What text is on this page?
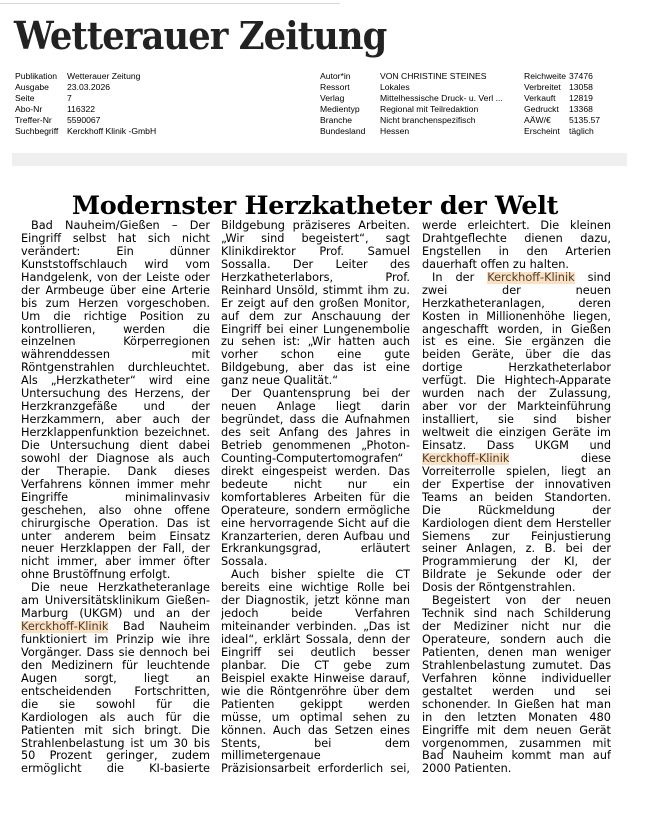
Wetterauer Zeitung
Publikation	Wetterauer Zeitung
Ausgabe	23.03.2026
Seite	7
Abo-Nr	116322
Treffer-Nr	5590067
Suchbegriff	Kerckhoff Klinik -GmbH
Autor*in	VON CHRISTINE STEINES
Ressort	Lokales
Verlag	Mittelhessische Druck- u. Verl ...
Medientyp	Regional mit Teilredaktion
Branche	Nicht branchenspezifisch
Bundesland	Hessen
Reichweite 37476
Verbreitet 13058
Verkauft	12819
Gedruckt	13368
AÄW/€	5135.57
Erscheint	täglich
Modernster Herzkatheter der Welt
Bad Nauheim/Gießen – Der
Eingriff selbst hat sich nicht
verändert: Ein dünner
Kunststoffschlauch wird vom
Handgelenk, von der Leiste oder
der Armbeuge über eine Arterie
bis zum Herzen vorgeschoben.
Um die richtige Position zu
kontrollieren, werden die
einzelnen Körperregionen
währenddessen mit
Röntgenstrahlen durchleuchtet.
Als „Herzkatheter“ wird eine
Untersuchung des Herzens, der
Herzkranzgefäße und der
Herzkammern, aber auch der
Herzklappenfunktion bezeichnet.
Die Untersuchung dient dabei
sowohl der Diagnose als auch
der Therapie. Dank dieses
Verfahrens können immer mehr
Eingriffe minimalinvasiv
geschehen, also ohne offene
chirurgische Operation. Das ist
unter anderem beim Einsatz
neuer Herzklappen der Fall, der
nicht immer, aber immer öfter
ohne Brustöffnung erfolgt.
Die neue Herzkatheteranlage
am Universitätsklinikum Gießen-
Marburg (UKGM) und an der
Kerckhoff-Klinik Bad Nauheim
funktioniert im Prinzip wie ihre
Vorgänger. Dass sie dennoch bei
den Medizinern für leuchtende
Augen sorgt, liegt an
entscheidenden Fortschritten,
die sie sowohl für die
Kardiologen als auch für die
Patienten mit sich bringt. Die
Strahlenbelastung ist um 30 bis
50 Prozent geringer, zudem
ermöglicht die KI-basierte
Bildgebung präziseres Arbeiten.
„Wir sind begeistert“, sagt
Klinikdirektor Prof. Samuel
Sossalla. Der Leiter des
Herzkatheterlabors, Prof.
Reinhard Unsöld, stimmt ihm zu.
Er zeigt auf den großen Monitor,
auf dem zur Anschauung der
Eingriff bei einer Lungenembolie
zu sehen ist: „Wir hatten auch
vorher schon eine gute
Bildgebung, aber das ist eine
ganz neue Qualität.“
Der Quantensprung bei der
neuen Anlage liegt darin
begründet, dass die Aufnahmen
des seit Anfang des Jahres in
Betrieb genommenen „Photon-
Counting-Computertomografen“
direkt eingespeist werden. Das
bedeute nicht nur ein
komfortableres Arbeiten für die
Operateure, sondern ermögliche
eine hervorragende Sicht auf die
Kranzarterien, deren Aufbau und
Erkrankungsgrad, erläutert
Sossala.
Auch bisher spielte die CT
bereits eine wichtige Rolle bei
der Diagnostik, jetzt könne man
jedoch beide Verfahren
miteinander verbinden. „Das ist
ideal“, erklärt Sossala, denn der
Eingriff sei deutlich besser
planbar. Die CT gebe zum
Beispiel exakte Hinweise darauf,
wie die Röntgenröhre über dem
Patienten gekippt werden
müsse, um optimal sehen zu
können. Auch das Setzen eines
Stents, bei dem
millimetergenaue
Präzisionsarbeit erforderlich sei,
werde erleichtert. Die kleinen
Drahtgeflechte dienen dazu,
Engstellen in den Arterien
dauerhaft offen zu halten.
In der Kerckhoff-Klinik sind
zwei der neuen
Herzkatheteranlagen, deren
Kosten in Millionenhöhe liegen,
angeschafft worden, in Gießen
ist es eine. Sie ergänzen die
beiden Geräte, über die das
dortige Herzkatheterlabor
verfügt. Die Hightech-Apparate
wurden nach der Zulassung,
aber vor der Markteinführung
installiert, sie sind bisher
weltweit die einzigen Geräte im
Einsatz. Dass UKGM und
Kerckhoff-Klinik diese
Vorreiterrolle spielen, liegt an
der Expertise der innovativen
Teams an beiden Standorten.
Die Rückmeldung der
Kardiologen dient dem Hersteller
Siemens zur Feinjustierung
seiner Anlagen, z. B. bei der
Programmierung der KI, der
Bildrate je Sekunde oder der
Dosis der Röntgenstrahlen.
Begeistert von der neuen
Technik sind nach Schilderung
der Mediziner nicht nur die
Operateure, sondern auch die
Patienten, denen man weniger
Strahlenbelastung zumutet. Das
Verfahren könne individueller
gestaltet werden und sei
schonender. In Gießen hat man
in den letzten Monaten 480
Eingriffe mit dem neuen Gerät
vorgenommen, zusammen mit
Bad Nauheim kommt man auf
2000 Patienten.
